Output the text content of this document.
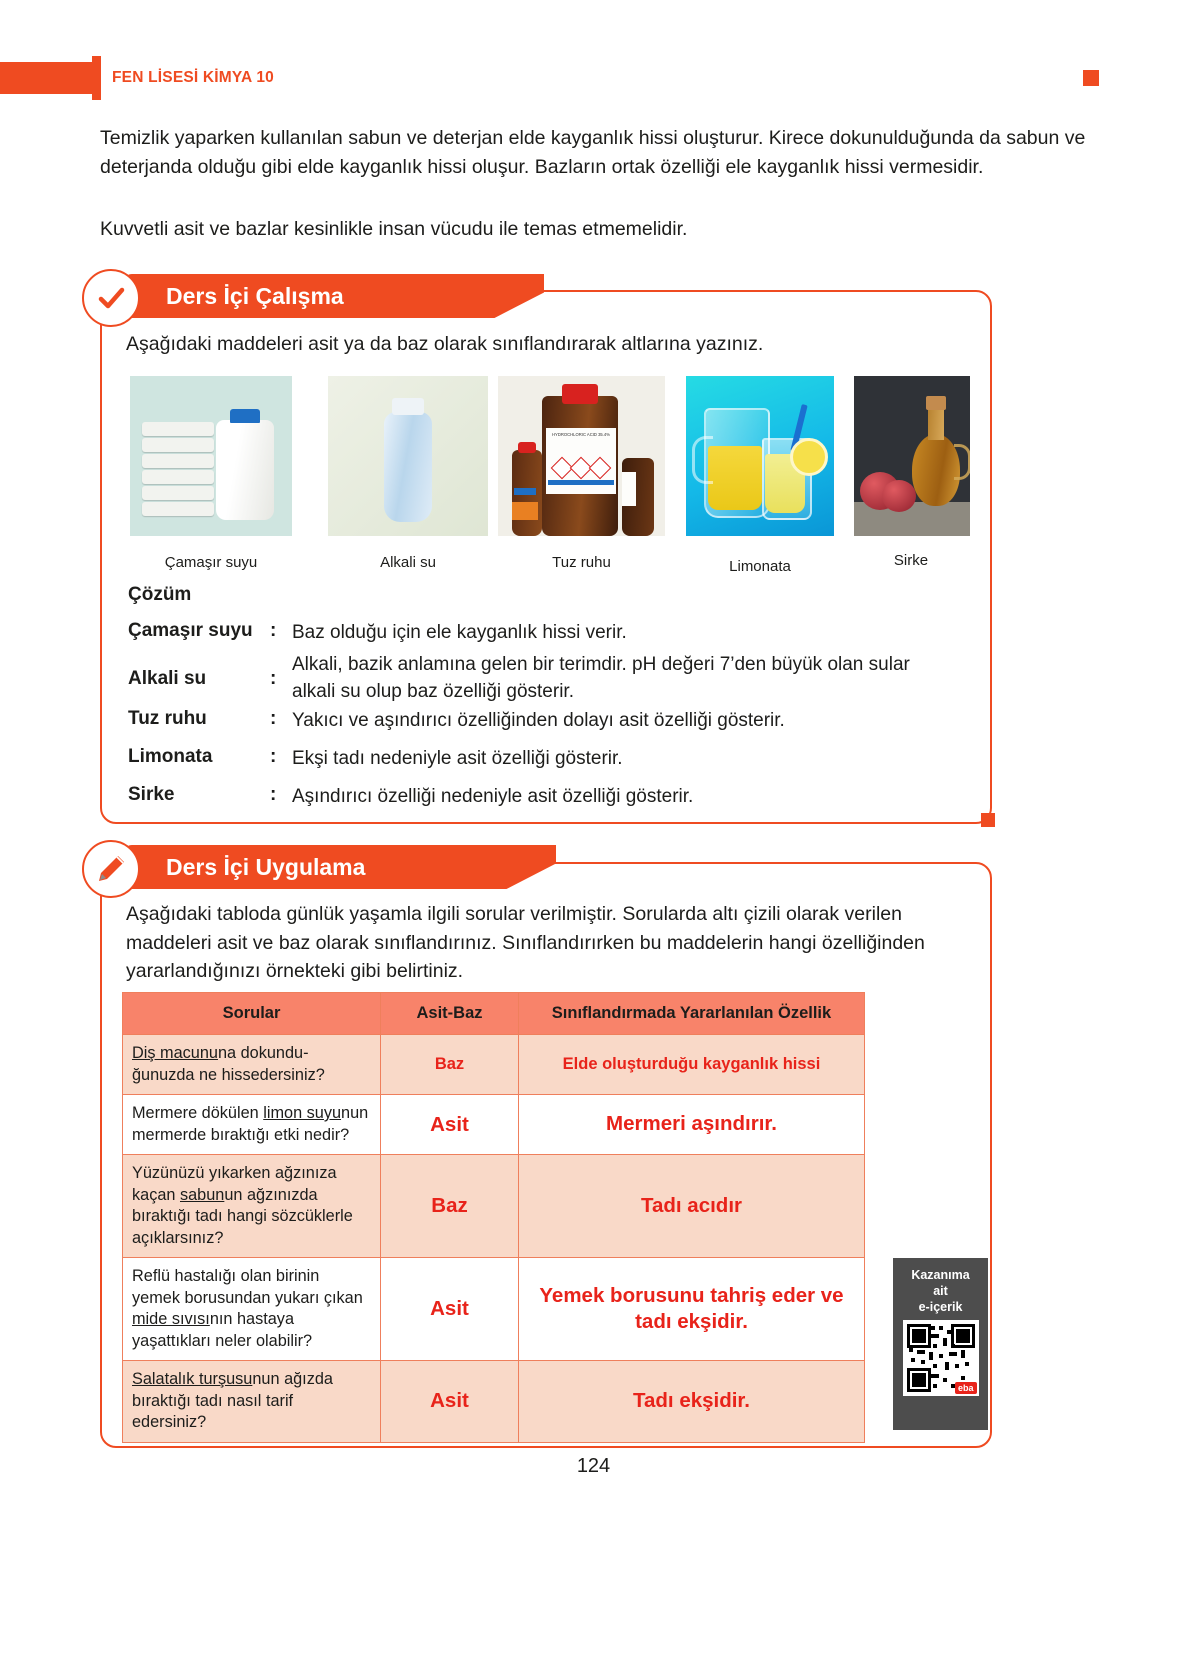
FEN LİSESİ KİMYA 10
Temizlik yaparken kullanılan sabun ve deterjan elde kayganlık hissi oluşturur. Kirece dokunulduğunda da sabun ve deterjanda olduğu gibi elde kayganlık hissi oluşur. Bazların ortak özelliği ele kayganlık hissi vermesidir.
Kuvvetli asit ve bazlar kesinlikle insan vücudu ile temas etmemelidir.
Ders İçi Çalışma
Aşağıdaki maddeleri asit ya da baz olarak sınıflandırarak altlarına yazınız.
Çamaşır suyu	Alkali su
HYDROCHLORIC ACID 35.4%
Tuz ruhu	Limonata	Sirke
Çözüm
Çamaşır suyu : Baz olduğu için ele kayganlık hissi verir.
Alkali su	:
Alkali, bazik anlamına gelen bir terimdir. pH değeri 7’den büyük olan sular alkali su olup baz özelliği gösterir.
Tuz ruhu	: Yakıcı ve aşındırıcı özelliğinden dolayı asit özelliği gösterir.
Limonata	: Ekşi tadı nedeniyle asit özelliği gösterir.
Sirke	: Aşındırıcı özelliği nedeniyle asit özelliği gösterir.
Ders İçi Uygulama
Aşağıdaki tabloda günlük yaşamla ilgili sorular verilmiştir. Sorularda altı çizili olarak verilen maddeleri asit ve baz olarak sınıflandırınız. Sınıflandırırken bu maddelerin hangi özelliğinden yararlandığınızı örnekteki gibi belirtiniz.
Sorular	Asit-Baz	Sınıflandırmada Yararlanılan Özellik
Diş macununa dokundu- ğunuzda ne hissedersiniz?	Baz	Elde oluşturduğu kayganlık hissi
Mermere dökülen limon suyunun mermerde bıraktığı etki nedir?	Asit	Mermeri aşındırır.
Yüzünüzü yıkarken ağzınıza kaçan sabunun ağzınızda bıraktığı tadı hangi sözcüklerle açıklarsınız?	Baz	Tadı acıdır
Reflü hastalığı olan birinin yemek borusundan yukarı çıkan mide sıvısının hastaya yaşattıkları neler olabilir?	Asit	Yemek borusunu tahriş eder ve tadı ekşidir.
Salatalık turşusunun ağızda bıraktığı tadı nasıl tarif edersiniz?	Asit	Tadı ekşidir.
Kazanıma
ait
e-içerik
eba
124
